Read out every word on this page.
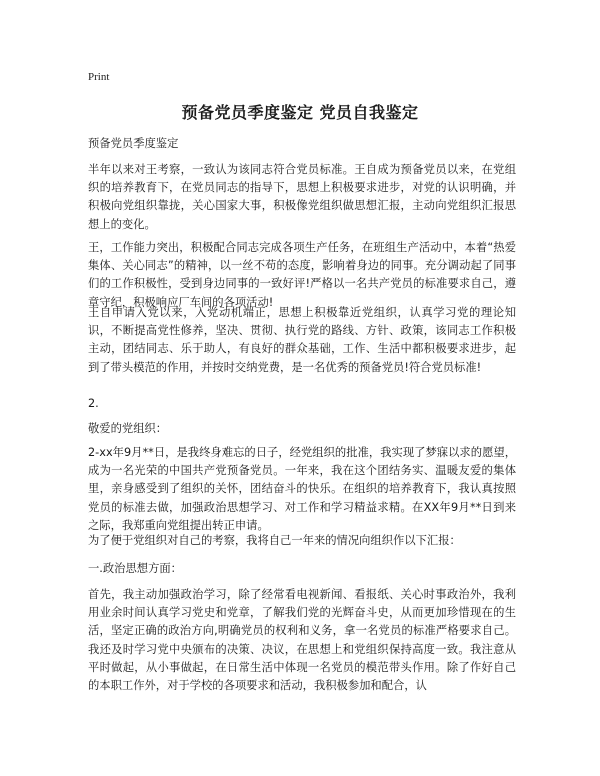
Print
预备党员季度鉴定 党员自我鉴定

预备党员季度鉴定

半年以来对王考察，一致认为该同志符合党员标准。王自成为预备党员以来，在党组织的培养教育下，在党员同志的指导下，思想上积极要求进步，对党的认识明确，并积极向党组织靠拢，关心国家大事，积极像党组织做思想汇报，主动向党组织汇报思想上的变化。

王，工作能力突出，积极配合同志完成各项生产任务，在班组生产活动中，本着“热爱集体、关心同志”的精神，以一丝不苟的态度，影响着身边的同事。充分调动起了同事们的工作积极性，受到身边同事的一致好评!严格以一名共产党员的标准要求自己，遵章守纪，积极响应厂车间的各项活动!

王自申请入党以来，入党动机端正，思想上积极靠近党组织，认真学习党的理论知识，不断提高党性修养，坚决、贯彻、执行党的路线、方针、政策，该同志工作积极主动，团结同志、乐于助人，有良好的群众基础，工作、生活中都积极要求进步，起到了带头模范的作用，并按时交纳党费，是一名优秀的预备党员!符合党员标准!

2.

敬爱的党组织：

2-xx年9月**日，是我终身难忘的日子，经党组织的批准，我实现了梦寐以求的愿望，成为一名光荣的中国共产党预备党员。一年来，我在这个团结务实、温暖友爱的集体里，亲身感受到了组织的关怀，团结奋斗的快乐。在组织的培养教育下，我认真按照党员的标准去做，加强政治思想学习、对工作和学习精益求精。在XX年9月**日到来之际，我郑重向党组提出转正申请。

为了便于党组织对自己的考察，我将自己一年来的情况向组织作以下汇报：

一.政治思想方面：

首先，我主动加强政治学习，除了经常看电视新闻、看报纸、关心时事政治外，我利用业余时间认真学习党史和党章，了解我们党的光辉奋斗史，从而更加珍惜现在的生活，坚定正确的政治方向,明确党员的权利和义务，拿一名党员的标准严格要求自己。我还及时学习党中央颁布的决策、决议，在思想上和党组织保持高度一致。我注意从平时做起，从小事做起，在日常生活中体现一名党员的模范带头作用。除了作好自己的本职工作外，对于学校的各项要求和活动，我积极参加和配合，认
